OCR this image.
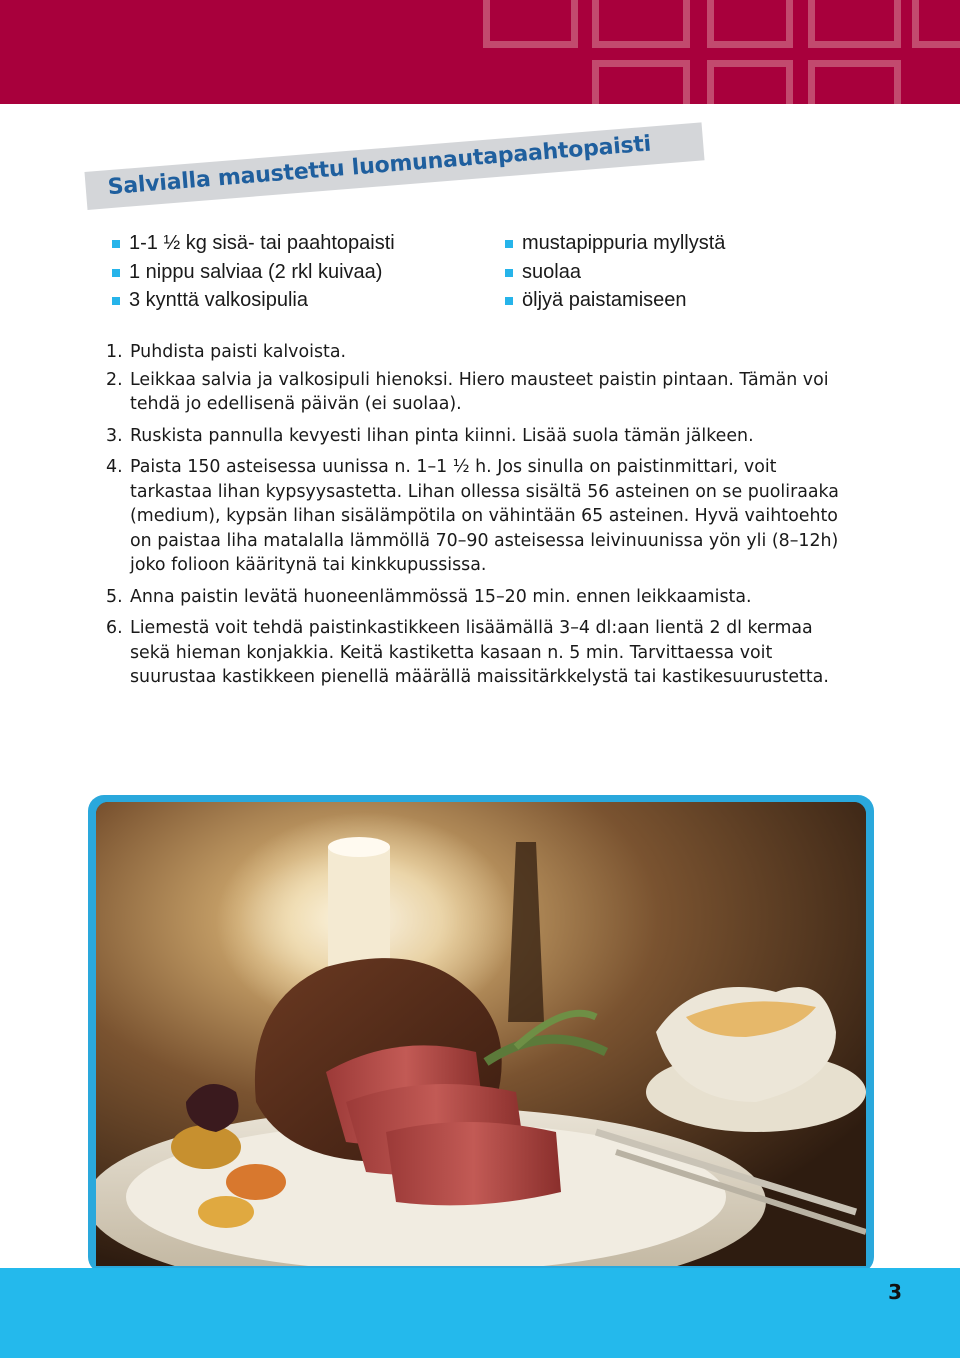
Salvialla maustettu luomunautapaahtopaisti
1-1 ½ kg sisä- tai paahtopaisti
1 nippu salviaa (2 rkl kuivaa)
3 kynttä valkosipulia
mustapippuria myllystä
suolaa
öljyä paistamiseen
1. Puhdista paisti kalvoista.
2. Leikkaa salvia ja valkosipuli hienoksi. Hiero mausteet paistin pintaan. Tämän voi tehdä jo edellisenä päivän (ei suolaa).
3. Ruskista pannulla kevyesti lihan pinta kiinni. Lisää suola tämän jälkeen.
4. Paista 150 asteisessa uunissa n. 1–1 ½ h. Jos sinulla on paistinmittari, voit tarkastaa lihan kypsyysastetta. Lihan ollessa sisältä 56 asteinen on se puoliraaka (medium), kypsän lihan sisälämpötila on vähintään 65 asteinen. Hyvä vaihtoehto on paistaa liha matalalla lämmöllä 70–90 asteisessa leivinuunissa yön yli (8–12h) joko folioon kääritynä tai kinkkupussissa.
5. Anna paistin levätä huoneenlämmössä 15–20 min. ennen leikkaamista.
6. Liemestä voit tehdä paistinkastikkeen lisäämällä 3–4 dl:aan lientä 2 dl kermaa sekä hieman konjakkia. Keitä kastiketta kasaan n. 5 min. Tarvittaessa voit suurustaa kastikkeen pienellä määrällä maissitärkkelystä tai kastikesuurustetta.
3
